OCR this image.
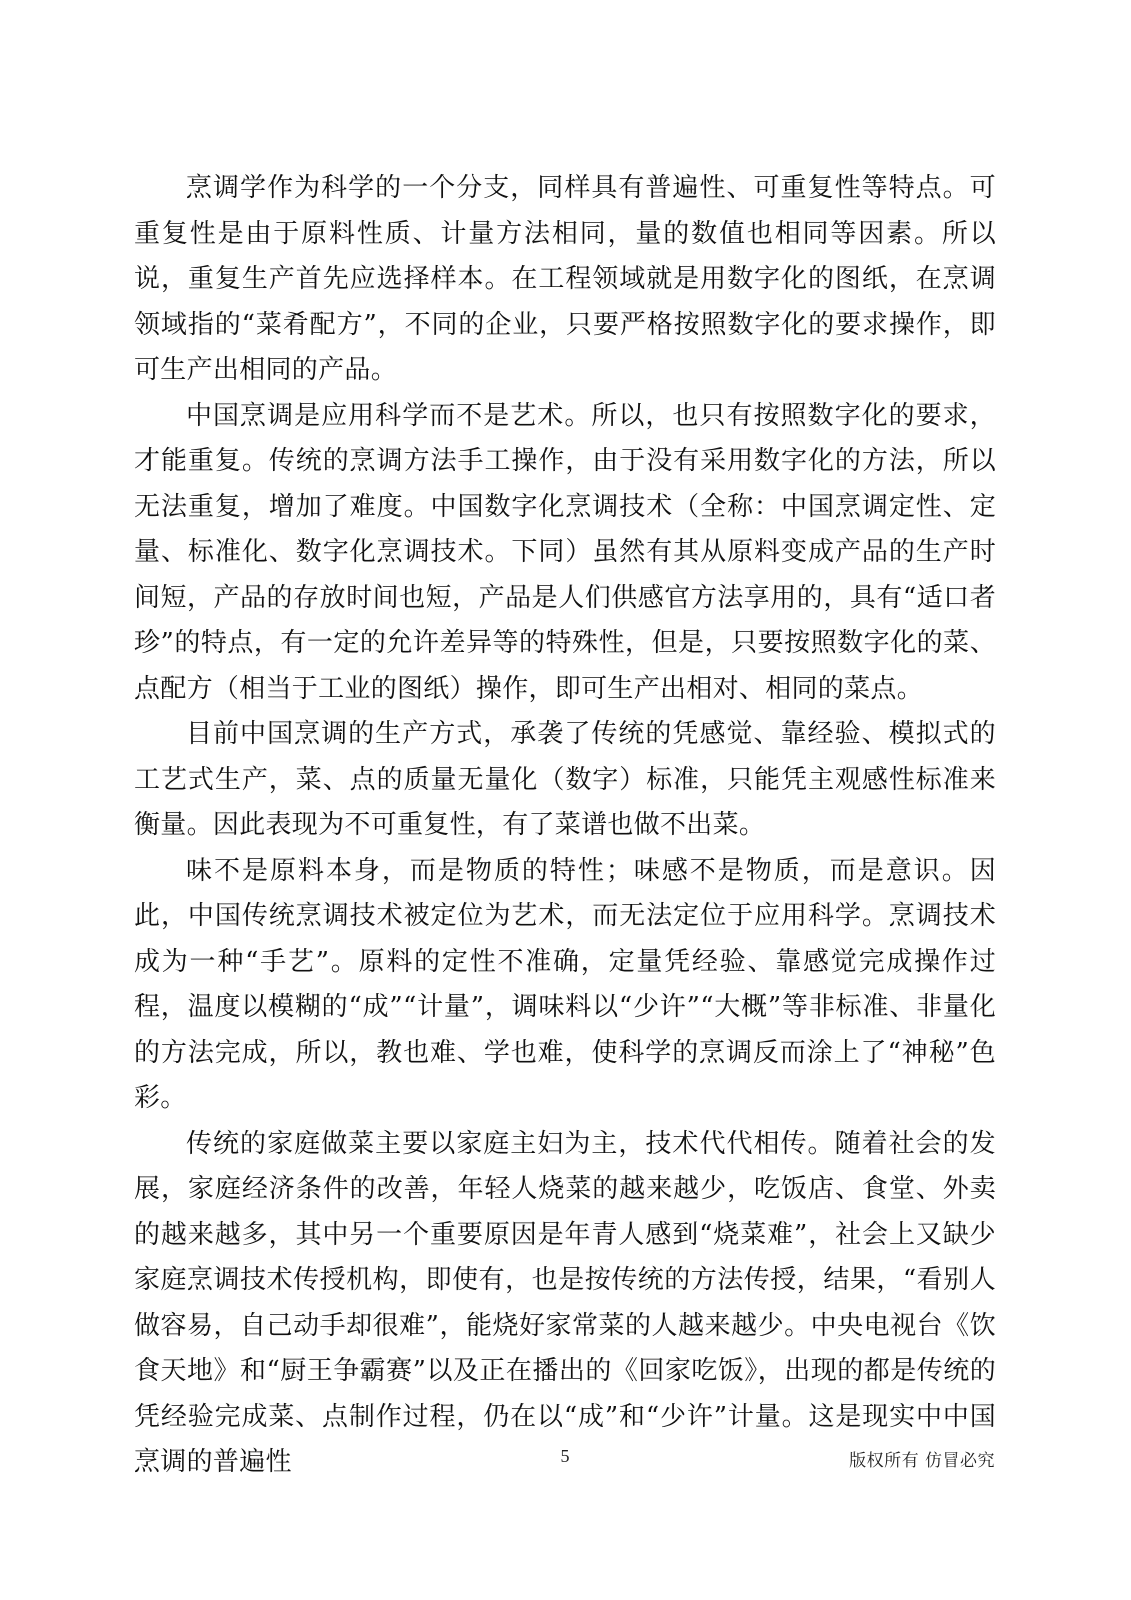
烹调学作为科学的一个分支，同样具有普遍性、可重复性等特点。可重复性是由于原料性质、计量方法相同，量的数值也相同等因素。所以说，重复生产首先应选择样本。在工程领域就是用数字化的图纸，在烹调领域指的“菜肴配方”，不同的企业，只要严格按照数字化的要求操作，即可生产出相同的产品。

中国烹调是应用科学而不是艺术。所以，也只有按照数字化的要求，才能重复。传统的烹调方法手工操作，由于没有采用数字化的方法，所以无法重复，增加了难度。中国数字化烹调技术（全称：中国烹调定性、定量、标准化、数字化烹调技术。下同）虽然有其从原料变成产品的生产时间短，产品的存放时间也短，产品是人们供感官方法享用的，具有“适口者珍”的特点，有一定的允许差异等的特殊性，但是，只要按照数字化的菜、点配方（相当于工业的图纸）操作，即可生产出相对、相同的菜点。

目前中国烹调的生产方式，承袭了传统的凭感觉、靠经验、模拟式的工艺式生产，菜、点的质量无量化（数字）标准，只能凭主观感性标准来衡量。因此表现为不可重复性，有了菜谱也做不出菜。

味不是原料本身，而是物质的特性；味感不是物质，而是意识。因此，中国传统烹调技术被定位为艺术，而无法定位于应用科学。烹调技术成为一种“手艺”。原料的定性不准确，定量凭经验、靠感觉完成操作过程，温度以模糊的“成”“计量”，调味料以“少许”“大概”等非标准、非量化的方法完成，所以，教也难、学也难，使科学的烹调反而涂上了“神秘”色彩。

传统的家庭做菜主要以家庭主妇为主，技术代代相传。随着社会的发展，家庭经济条件的改善，年轻人烧菜的越来越少，吃饭店、食堂、外卖的越来越多，其中另一个重要原因是年青人感到“烧菜难”，社会上又缺少家庭烹调技术传授机构，即使有，也是按传统的方法传授，结果，“看别人做容易，自己动手却很难”，能烧好家常菜的人越来越少。中央电视台《饮食天地》和“厨王争霸赛”以及正在播出的《回家吃饭》，出现的都是传统的凭经验完成菜、点制作过程，仍在以“成”和“少许”计量。这是现实中中国烹调的普遍性	5	版权所有 仿冒必究
